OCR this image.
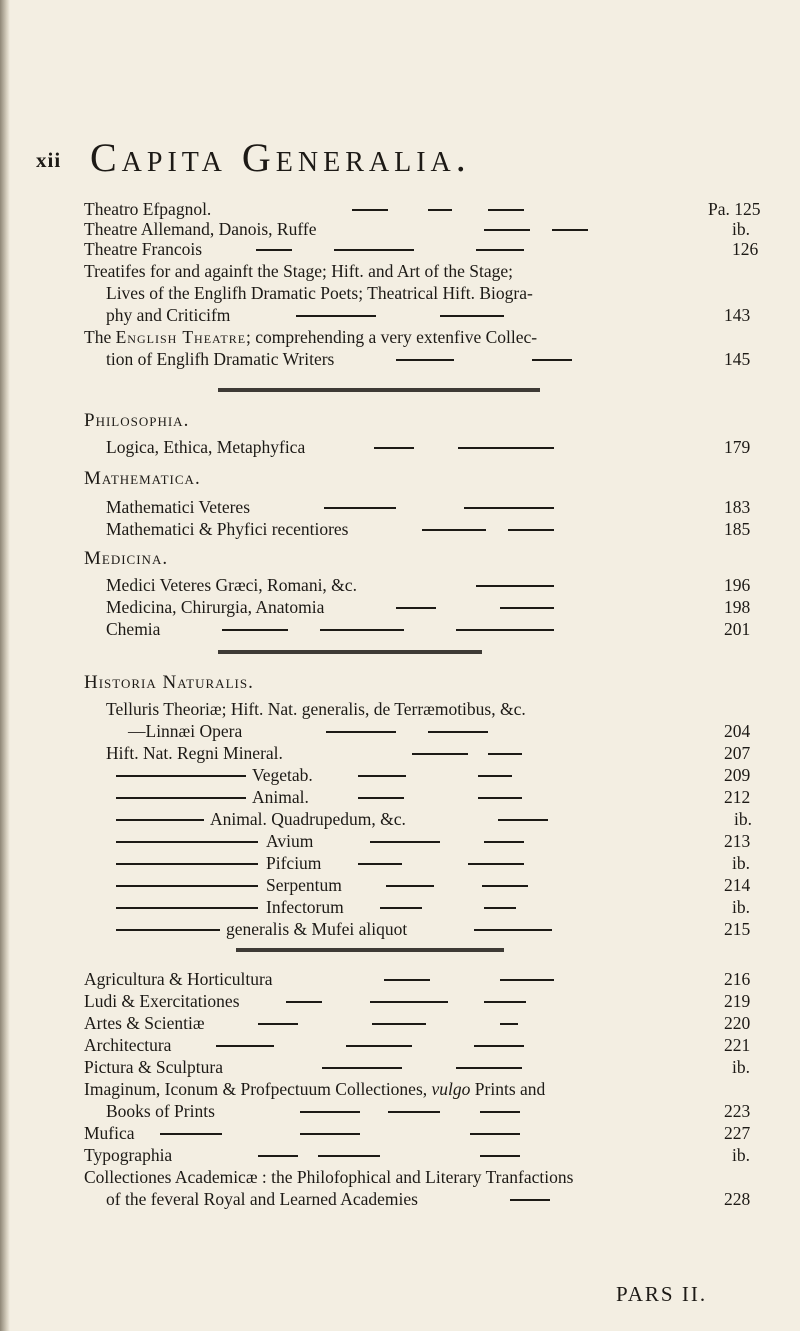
xii Capita Generalia.
Theatro Efpagnol.	Pa. 125
Theatre Allemand, Danois, Ruffe	ib.
Theatre Francois	126
Treatifes for and againft the Stage; Hift. and Art of the Stage;
Lives of the Englifh Dramatic Poets; Theatrical Hift. Biogra-
phy and Criticifm	143
The English Theatre; comprehending a very extenfive Collec-
tion of Englifh Dramatic Writers	145
Philosophia.
Logica, Ethica, Metaphyfica	179
Mathematica.
Mathematici Veteres	183
Mathematici & Phyfici recentiores	185
Medicina.
Medici Veteres Græci, Romani, &c.	196
Medicina, Chirurgia, Anatomia	198
Chemia	201
Historia Naturalis.
Telluris Theoriæ; Hift. Nat. generalis, de Terræmotibus, &c.
—Linnæi Opera	204
Hift. Nat. Regni Mineral.	207
Vegetab.	209
Animal.	212
Animal. Quadrupedum, &c.	ib.
Avium	213
Pifcium	ib.
Serpentum	214
Infectorum	ib.
generalis & Mufei aliquot	215
Agricultura & Horticultura	216
Ludi & Exercitationes	219
Artes & Scientiæ	220
Architectura	221
Pictura & Sculptura	ib.
Imaginum, Iconum & Profpectuum Collectiones, vulgo Prints and
Books of Prints	223
Mufica	227
Typographia	ib.
Collectiones Academicæ : the Philofophical and Literary Tranfactions
of the feveral Royal and Learned Academies	228
PARS II.
